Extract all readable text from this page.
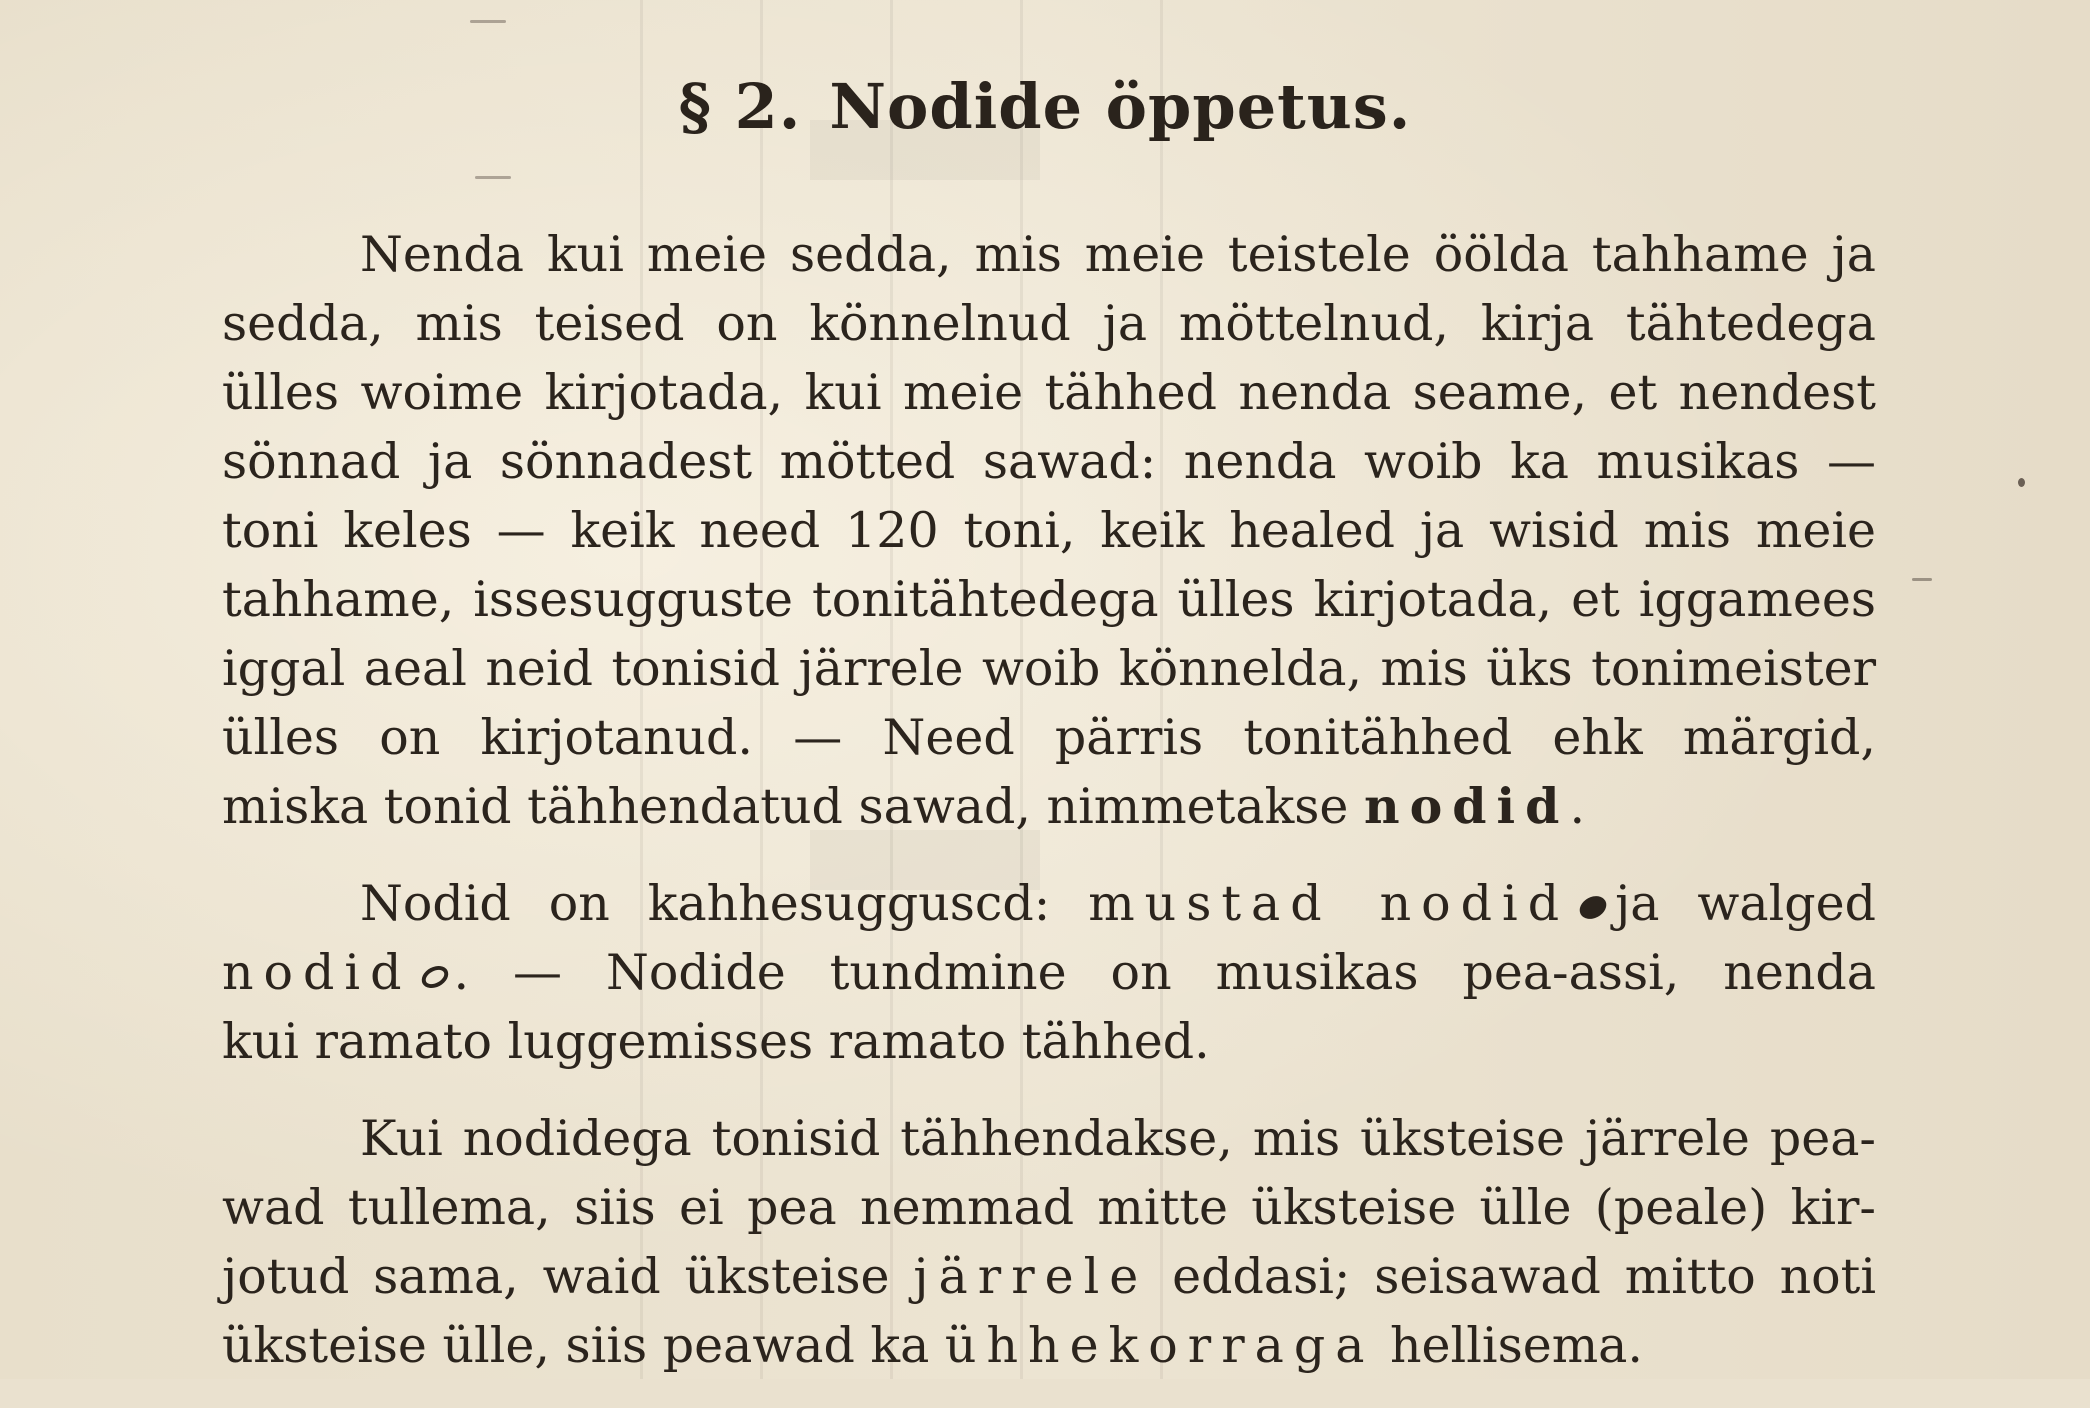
§ 2. Nodide öppetus.
Nenda kui meie sedda, mis meie teistele öölda tahhame ja
sedda, mis teised on könnelnud ja möttelnud, kirja tähtedega
ülles woime kirjotada, kui meie tähhed nenda seame, et nendest
sönnad ja sönnadest mötted sawad: nenda woib ka musikas —
toni keles — keik need 120 toni, keik healed ja wisid mis meie
tahhame, issesugguste tonitähtedega ülles kirjotada, et iggamees
iggal aeal neid tonisid järrele woib könnelda, mis üks tonimeister
ülles on kirjotanud. — Need pärris tonitähhed ehk märgid,
miska tonid tähhendatud sawad, nimmetakse nodid.
Nodid on kahhesugguscd: mustad nodid ja walged
nodid . — Nodide tundmine on musikas pea-assi, nenda
kui ramato luggemisses ramato tähhed.
Kui nodidega tonisid tähhendakse, mis üksteise järrele pea-
wad tullema, siis ei pea nemmad mitte üksteise ülle (peale) kir-
jotud sama, waid üksteise järrele eddasi; seisawad mitto noti
üksteise ülle, siis peawad ka ühhekorraga hellisema.
